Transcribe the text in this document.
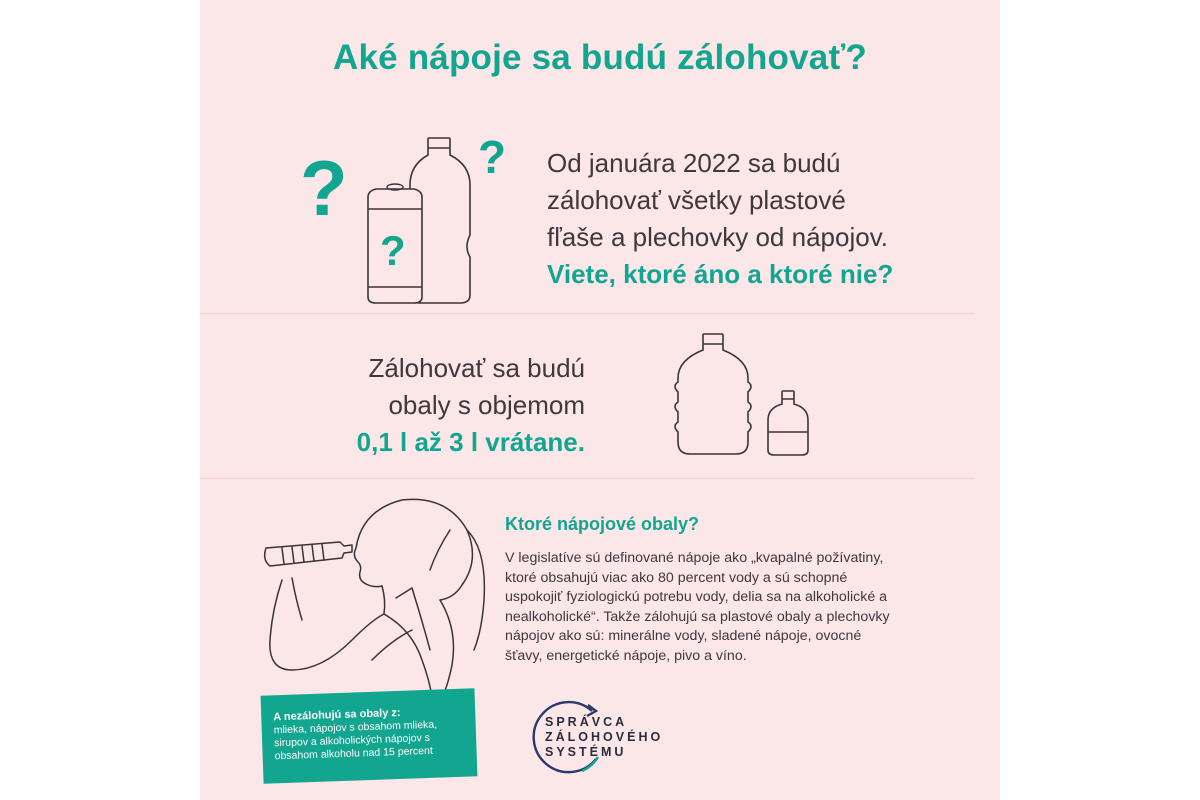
Aké nápoje sa budú zálohovať?
?	?
?
Od januára 2022 sa budú
zálohovať všetky plastové
fľaše a plechovky od nápojov.
Viete, ktoré áno a ktoré nie?
Zálohovať sa budú
obaly s objemom
0,1 l až 3 l vrátane.
Ktoré nápojové obaly?
V legislatíve sú definované nápoje ako „kvapalné požívatiny,
ktoré obsahujú viac ako 80 percent vody a sú schopné
uspokojiť fyziologickú potrebu vody, delia sa na alkoholické a
nealkoholické“. Takže zálohujú sa plastové obaly a plechovky
nápojov ako sú: minerálne vody, sladené nápoje, ovocné
šťavy, energetické nápoje, pivo a víno.
A nezálohujú sa obaly z:
mlieka, nápojov s obsahom mlieka,
sirupov a alkoholických nápojov s
obsahom alkoholu nad 15 percent
SPRÁVCA
ZÁLOHOVÉHO
SYSTÉMU
